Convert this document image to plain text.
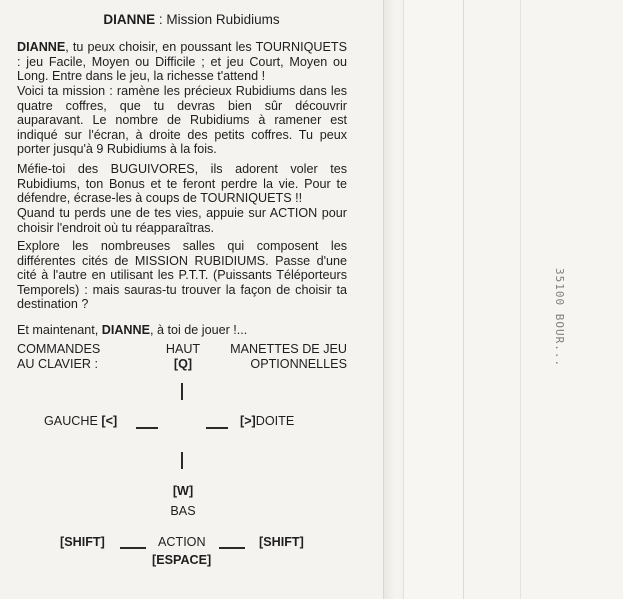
35100 BOUR...
DIANNE : Mission Rubidiums

DIANNE, tu peux choisir, en poussant les TOURNIQUETS : jeu Facile, Moyen ou Difficile ; et jeu Court, Moyen ou Long. Entre dans le jeu, la richesse t'attend !

Voici ta mission : ramène les précieux Rubidiums dans les quatre coffres, que tu devras bien sûr découvrir auparavant. Le nombre de Rubidiums à ramener est indiqué sur l'écran, à droite des petits coffres. Tu peux porter jusqu'à 9 Rubidiums à la fois.

Méfie-toi des BUGUIVORES, ils adorent voler tes Rubidiums, ton Bonus et te feront perdre la vie. Pour te défendre, écrase-les à coups de TOURNIQUETS !!

Quand tu perds une de tes vies, appuie sur ACTION pour choisir l'endroit où tu réapparaîtras.

Explore les nombreuses salles qui composent les différentes cités de MISSION RUBIDIUMS. Passe d'une cité à l'autre en utilisant les P.T.T. (Puissants Téléporteurs Temporels) : mais sauras-tu trouver la façon de choisir ta destination ?

Et maintenant, DIANNE, à toi de jouer !...

COMMANDES
AU CLAVIER :
HAUT
[Q]
MANETTES DE JEU
OPTIONNELLES
GAUCHE [<]	[>]DOITE
[W]
BAS
[SHIFT]	ACTION	[SHIFT]
[ESPACE]
